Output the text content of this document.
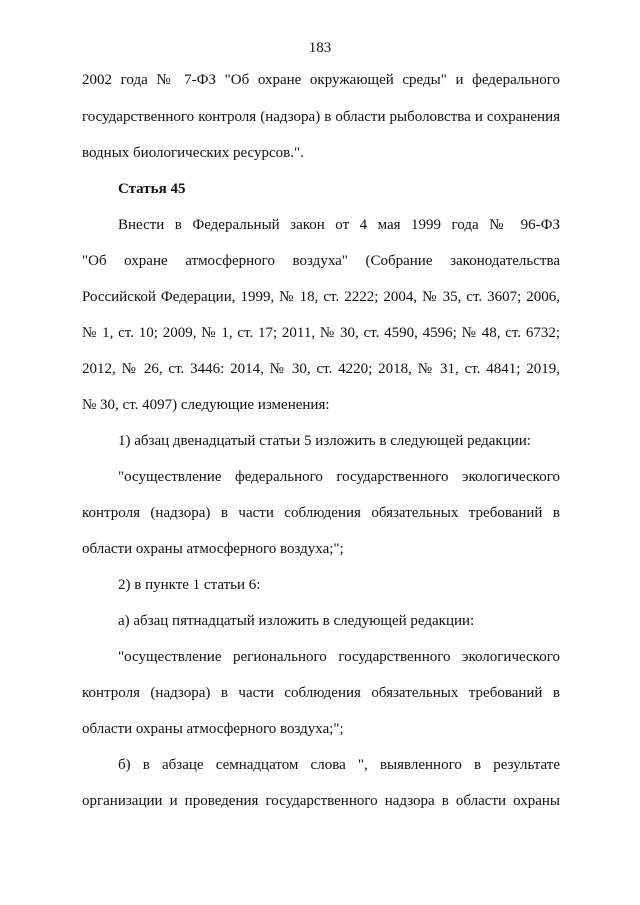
183
2002 года № 7-ФЗ "Об охране окружающей среды" и федерального
государственного контроля (надзора) в области рыболовства и сохранения
водных биологических ресурсов.".
Статья 45
Внести в Федеральный закон от 4 мая 1999 года № 96-ФЗ
"Об охране атмосферного воздуха" (Собрание законодательства
Российской Федерации, 1999, № 18, ст. 2222; 2004, № 35, ст. 3607; 2006,
№ 1, ст. 10; 2009, № 1, ст. 17; 2011, № 30, ст. 4590, 4596; № 48, ст. 6732;
2012, № 26, ст. 3446: 2014, № 30, ст. 4220; 2018, № 31, ст. 4841; 2019,
№ 30, ст. 4097) следующие изменения:
1) абзац двенадцатый статьи 5 изложить в следующей редакции:
"осуществление федерального государственного экологического
контроля (надзора) в части соблюдения обязательных требований в
области охраны атмосферного воздуха;";
2) в пункте 1 статьи 6:
а) абзац пятнадцатый изложить в следующей редакции:
"осуществление регионального государственного экологического
контроля (надзора) в части соблюдения обязательных требований в
области охраны атмосферного воздуха;";
б) в абзаце семнадцатом слова ", выявленного в результате
организации и проведения государственного надзора в области охраны
